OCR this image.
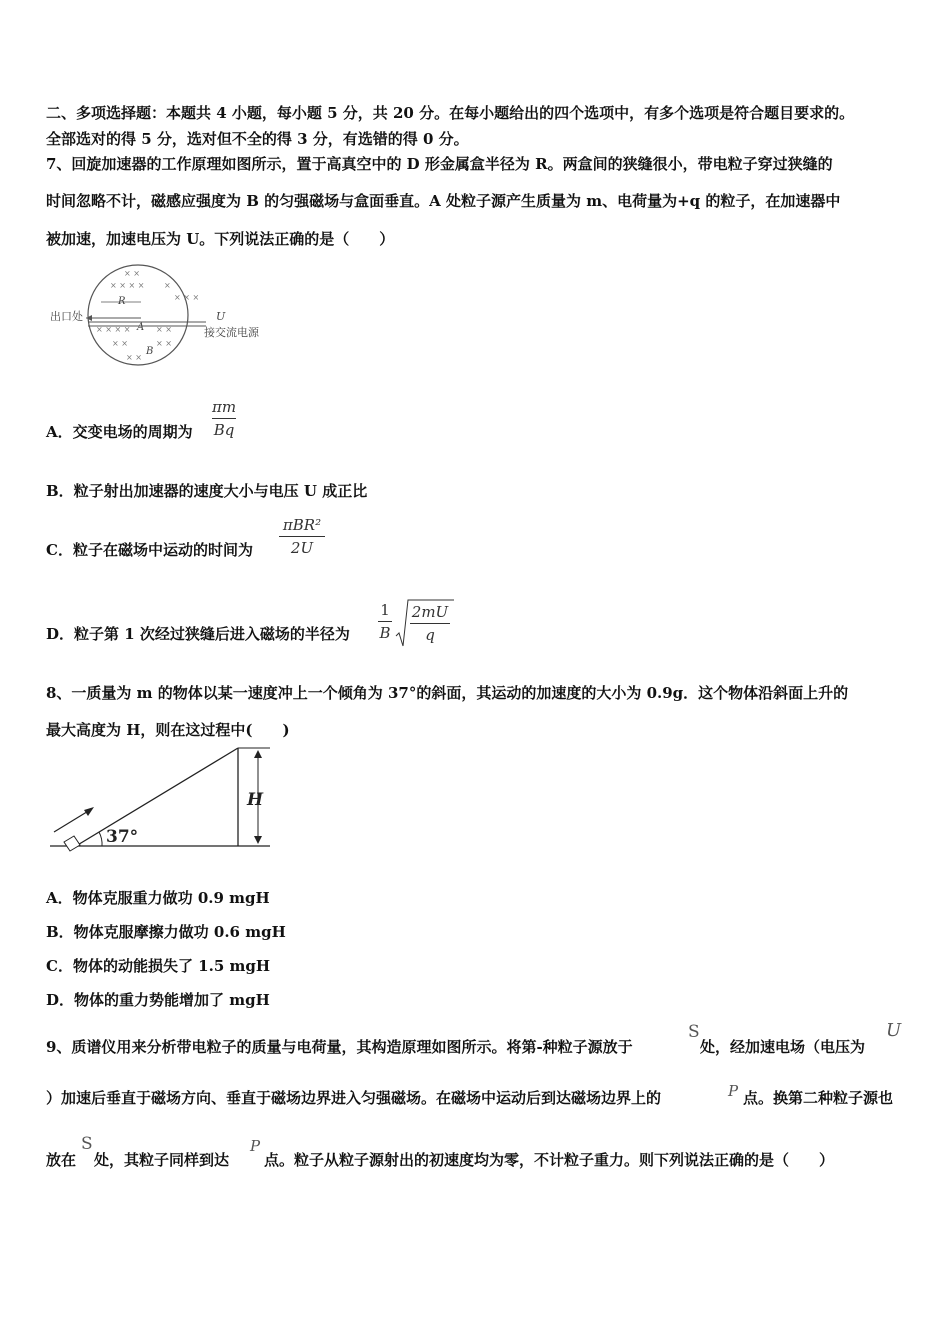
二、多项选择题：本题共 4 小题，每小题 5 分，共 20 分。在每小题给出的四个选项中，有多个选项是符合题目要求的。
全部选对的得 5 分，选对但不全的得 3 分，有选错的得 0 分。
7、回旋加速器的工作原理如图所示，置于高真空中的 D 形金属盒半径为 R。两盒间的狭缝很小，带电粒子穿过狭缝的
时间忽略不计，磁感应强度为 B 的匀强磁场与盒面垂直。A 处粒子源产生质量为 m、电荷量为+q 的粒子，在加速器中
被加速，加速电压为 U。下列说法正确的是（　　）
× ×
× × × × ×
× × ×
× × × ×	× ×
× ×	× ×
× ×
R
A
B
出口处	U
接交流电源
A．交变电场的周期为
πm
Bq
B．粒子射出加速器的速度大小与电压 U 成正比
C．粒子在磁场中运动的时间为
πBR²
2U
D．粒子第 1 次经过狭缝后进入磁场的半径为
1
B
2mU
q
8、一质量为 m 的物体以某一速度冲上一个倾角为 37°的斜面，其运动的加速度的大小为 0.9g．这个物体沿斜面上升的
最大高度为 H，则在这过程中(　　)
37°
H
A．物体克服重力做功 0.9 mgH
B．物体克服摩擦力做功 0.6 mgH
C．物体的动能损失了 1.5 mgH
D．物体的重力势能增加了 mgH
9、质谱仪用来分析带电粒子的质量与电荷量，其构造原理如图所示。将第-种粒子源放于
S
处，经加速电场（电压为
U
）加速后垂直于磁场方向、垂直于磁场边界进入匀强磁场。在磁场中运动后到达磁场边界上的	P 点。换第二种粒子源也
放在
S
处，其粒子同样到达
P
点。粒子从粒子源射出的初速度均为零，不计粒子重力。则下列说法正确的是（　　）
